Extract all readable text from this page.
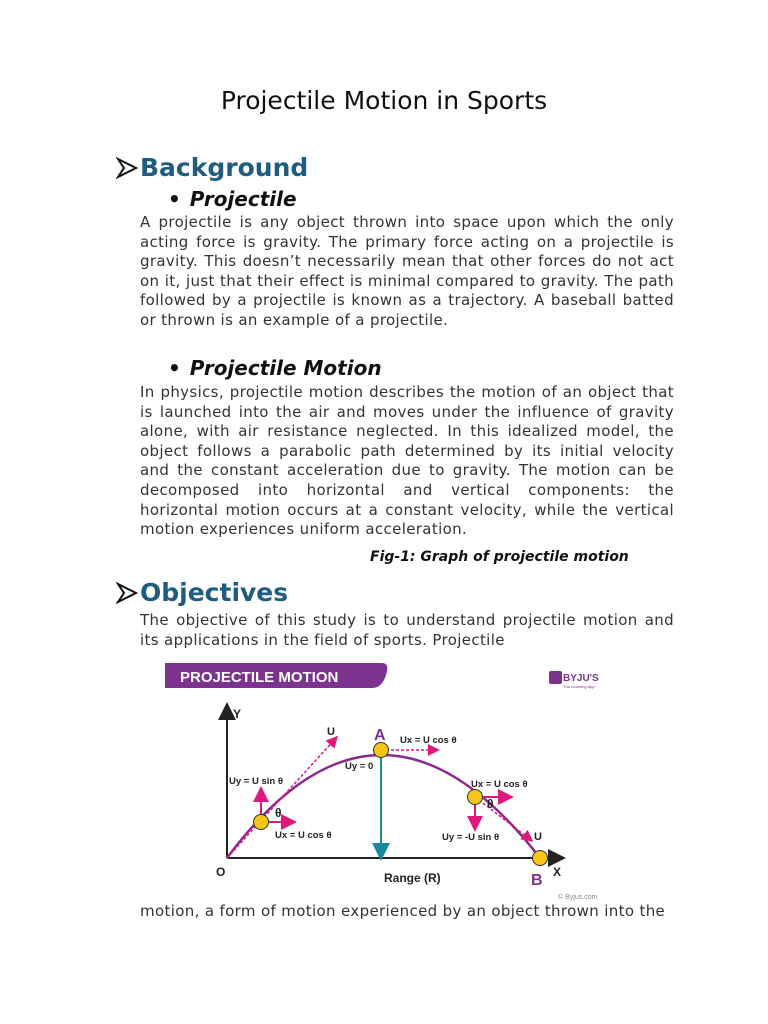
Projectile Motion in Sports
Background
• Projectile
A projectile is any object thrown into space upon which the only acting force is gravity. The primary force acting on a projectile is gravity. This doesn’t necessarily mean that other forces do not act on it, just that their effect is minimal compared to gravity. The path followed by a projectile is known as a trajectory. A baseball batted or thrown is an example of a projectile.
• Projectile Motion
In physics, projectile motion describes the motion of an object that is launched into the air and moves under the influence of gravity alone, with air resistance neglected. In this idealized model, the object follows a parabolic path determined by its initial velocity and the constant acceleration due to gravity. The motion can be decomposed into horizontal and vertical components: the horizontal motion occurs at a constant velocity, while the vertical motion experiences uniform acceleration.
Fig-1: Graph of projectile motion
Objectives
The objective of this study is to understand projectile motion and its applications in the field of sports. Projectile
PROJECTILE MOTION	BYJU'S
The Learning App
Y
X
O
U
Uy = U sin θ
θ
Ux = U cos θ
A Ux = U cos θ
Uy = 0
Ux = U cos θ
θ
Uy = -U sin θ	U
B
Range (R)
© Byjus.com
motion, a form of motion experienced by an object thrown into the
